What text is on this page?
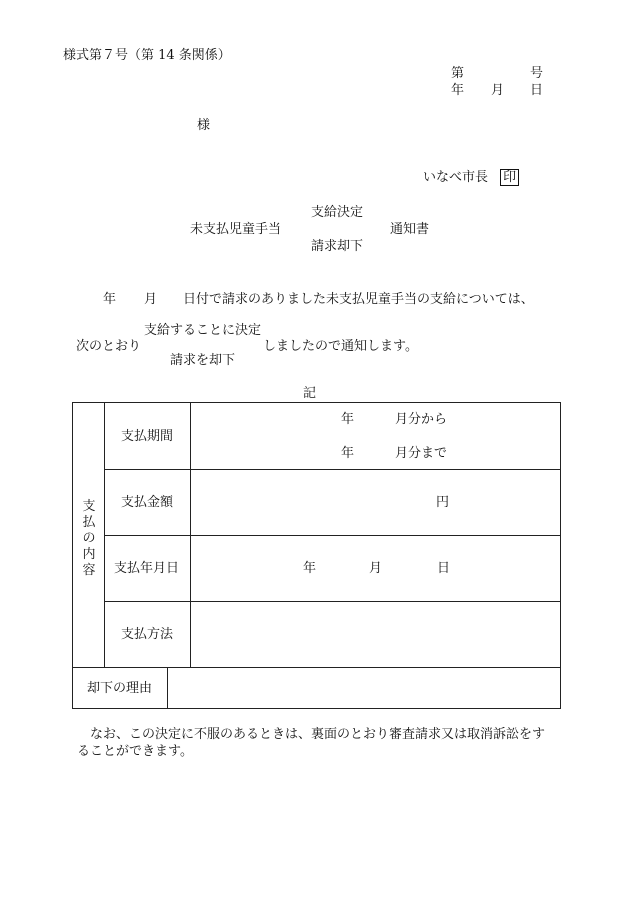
様式第７号（第 14 条関係）
第	号
年 月 日
様
いなべ市長 印
支給決定
未支払児童手当	通知書
請求却下
年 月 日付で請求のありました未支払児童手当の支給については、
支給することに決定
次のとおり	しましたので通知します。
請求を却下
記
支払の内容
支払期間
年	月分から
年	月分まで
支払金額	円
支払年月日	年	月	日
支払方法
却下の理由
なお、この決定に不服のあるときは、裏面のとおり審査請求又は取消訴訟をす
ることができます。
